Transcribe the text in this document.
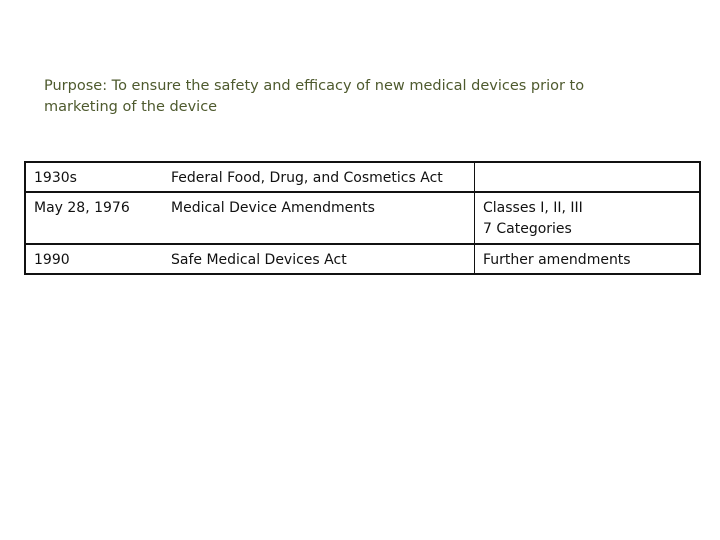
Purpose: To ensure the safety and efficacy of new medical devices prior to
marketing of the device

1930s	Federal Food, Drug, and Cosmetics Act	

May 28, 1976	Medical Device Amendments	Classes I, II, III
7 Categories

1990	Safe Medical Devices Act	Further amendments
